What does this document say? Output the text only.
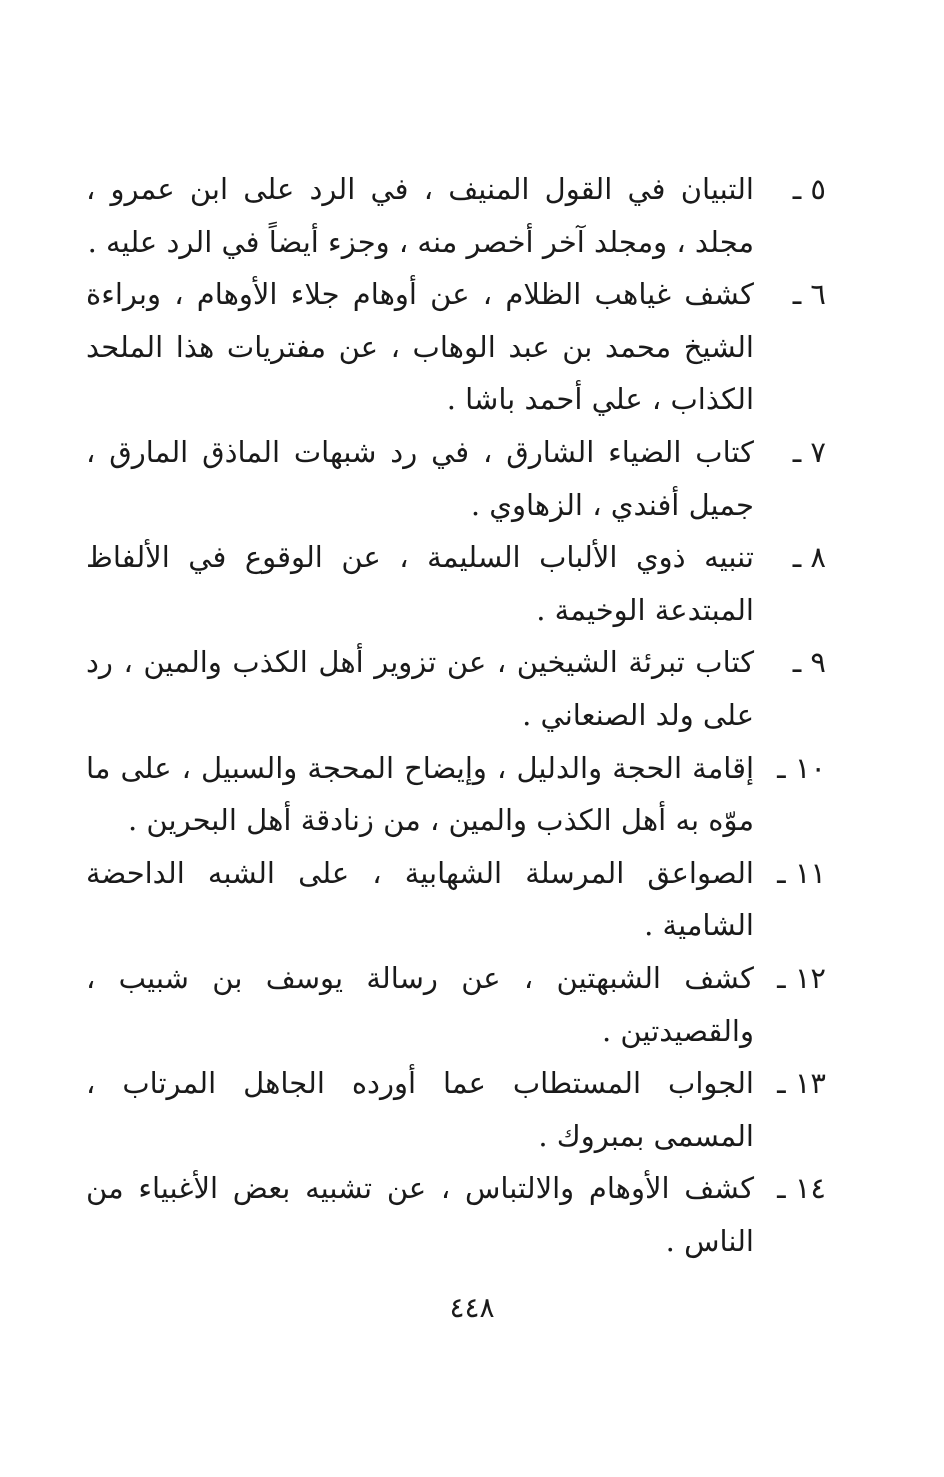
٥ ـ
التبيان في القول المنيف ، في الرد على ابن عمرو ، مجلد ، ومجلد آخر أخصر منه ، وجزء أيضاً في الرد عليه .
٦ ـ
كشف غياهب الظلام ، عن أوهام جلاء الأوهام ، وبراءة الشيخ محمد بن عبد الوهاب ، عن مفتريات هذا الملحد الكذاب ، علي أحمد باشا .
٧ ـ
كتاب الضياء الشارق ، في رد شبهات الماذق المارق ، جميل أفندي ، الزهاوي .
٨ ـ
تنبيه ذوي الألباب السليمة ، عن الوقوع في الألفاظ المبتدعة الوخيمة .
٩ ـ
كتاب تبرئة الشيخين ، عن تزوير أهل الكذب والمين ، رد على ولد الصنعاني .
١٠ ـ
إقامة الحجة والدليل ، وإيضاح المحجة والسبيل ، على ما موّه به أهل الكذب والمين ، من زنادقة أهل البحرين .
١١ ـ
الصواعق المرسلة الشهابية ، على الشبه الداحضة الشامية .
١٢ ـ
كشف الشبهتين ، عن رسالة يوسف بن شبيب ، والقصيدتين .
١٣ ـ
الجواب المستطاب عما أورده الجاهل المرتاب ، المسمى بمبروك .
١٤ ـ
كشف الأوهام والالتباس ، عن تشبيه بعض الأغبياء من الناس .
٤٤٨
